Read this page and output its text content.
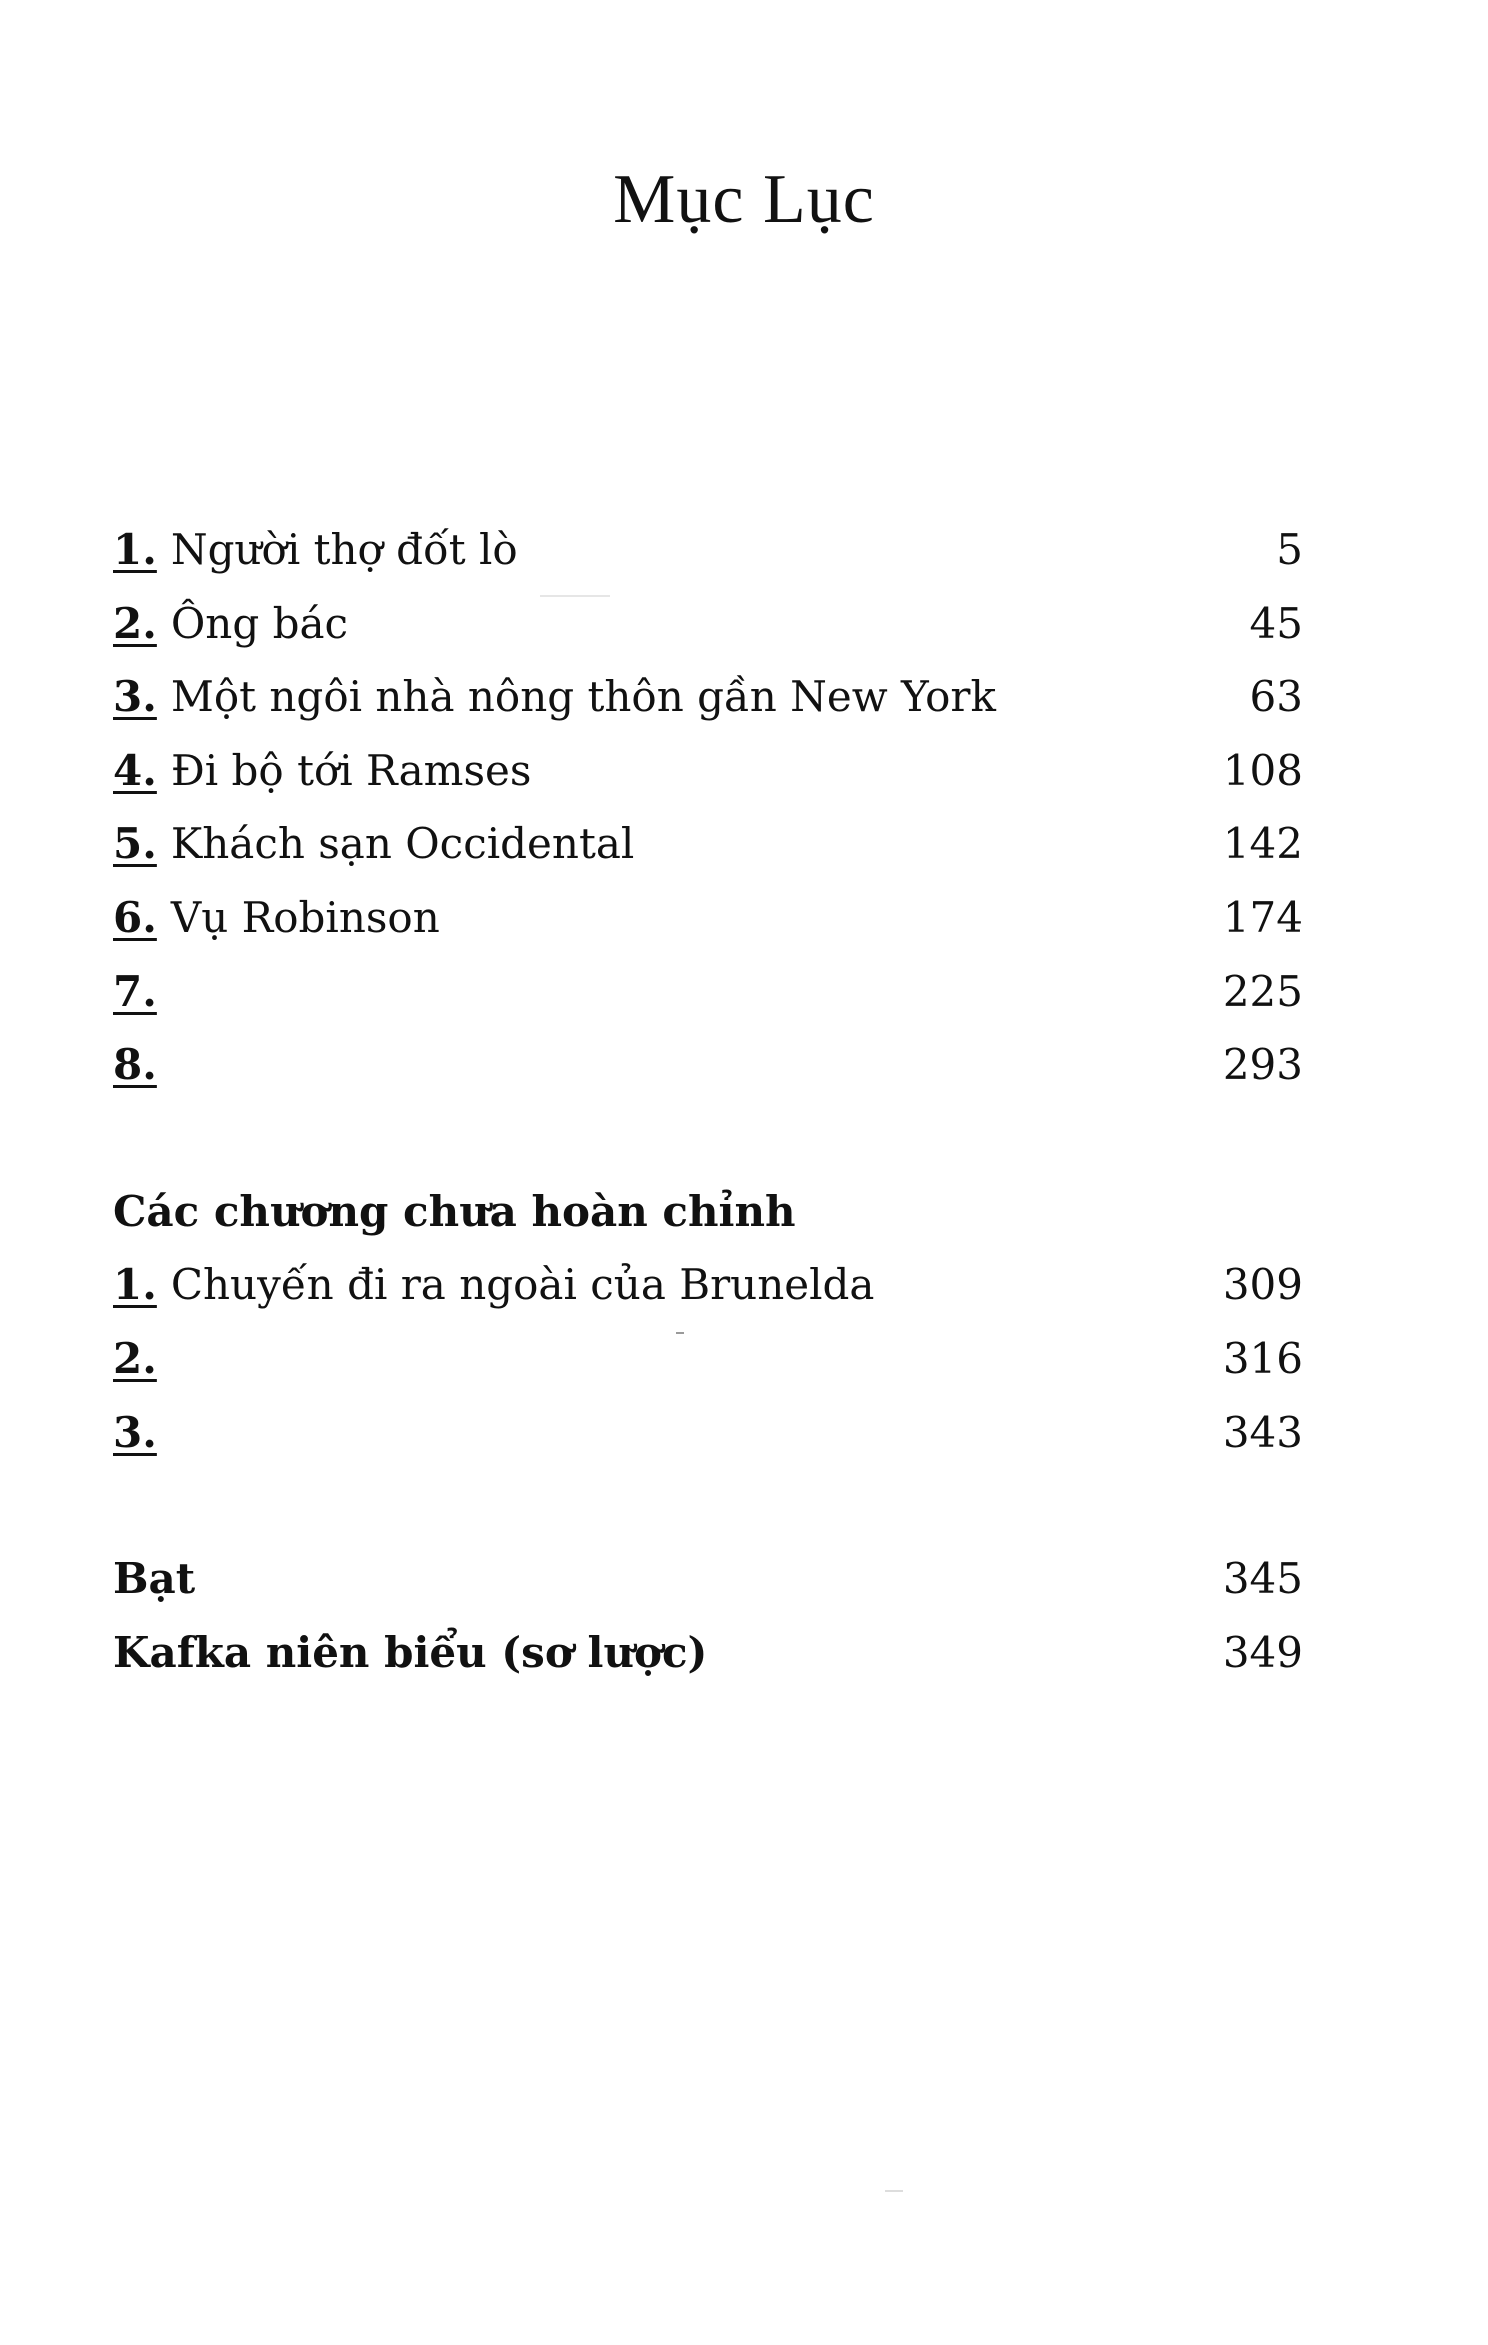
Mục Lục
1. Người thợ đốt lò	5
2. Ông bác	45
3. Một ngôi nhà nông thôn gần New York	63
4. Đi bộ tới Ramses	108
5. Khách sạn Occidental	142
6. Vụ Robinson	174
7.	225
8.	293
Các chương chưa hoàn chỉnh
1. Chuyến đi ra ngoài của Brunelda	309
2.	316
3.	343
Bạt	345
Kafka niên biểu (sơ lược)	349
